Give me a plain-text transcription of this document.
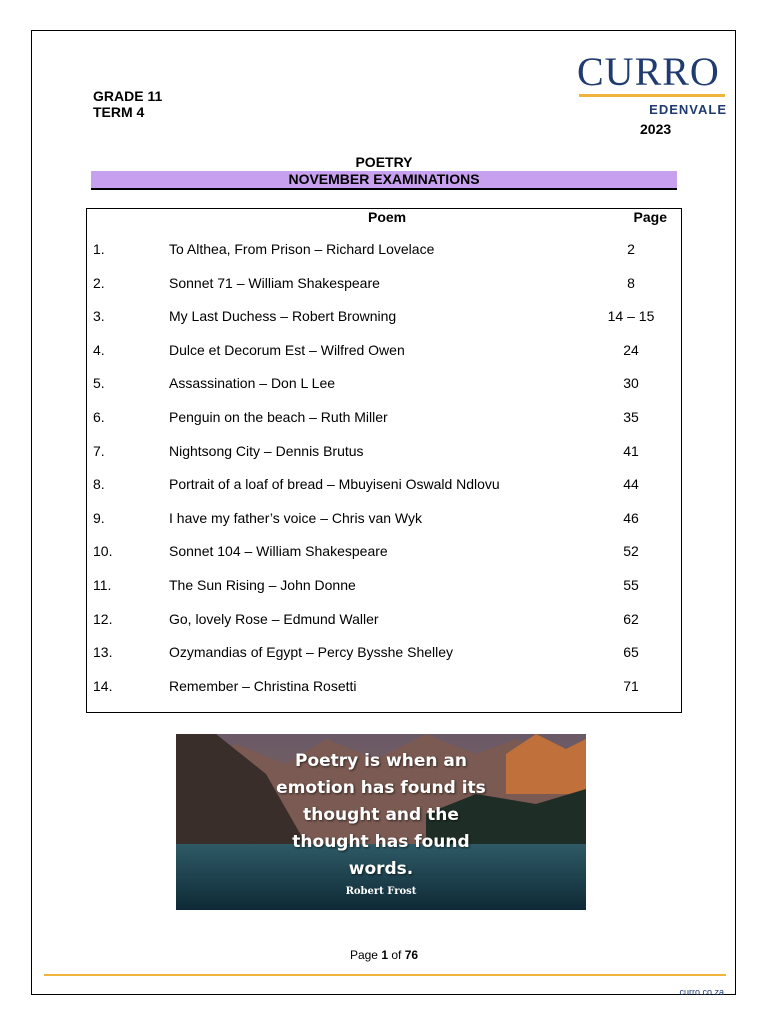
GRADE 11
TERM 4
CURRO
EDENVALE
2023
POETRY
NOVEMBER EXAMINATIONS
Poem	Page
1.	To Althea, From Prison – Richard Lovelace	2
2.	Sonnet 71 – William Shakespeare	8
3.	My Last Duchess – Robert Browning	14 – 15
4.	Dulce et Decorum Est – Wilfred Owen	24
5.	Assassination – Don L Lee	30
6.	Penguin on the beach – Ruth Miller	35
7.	Nightsong City – Dennis Brutus	41
8.	Portrait of a loaf of bread – Mbuyiseni Oswald Ndlovu	44
9.	I have my father’s voice – Chris van Wyk	46
10.	Sonnet 104 – William Shakespeare	52
11.	The Sun Rising – John Donne	55
12.	Go, lovely Rose – Edmund Waller	62
13.	Ozymandias of Egypt – Percy Bysshe Shelley	65
14.	Remember – Christina Rosetti	71
Poetry is when an
emotion has found its
thought and the
thought has found
words.
Robert Frost
Page 1 of 76
curro.co.za
